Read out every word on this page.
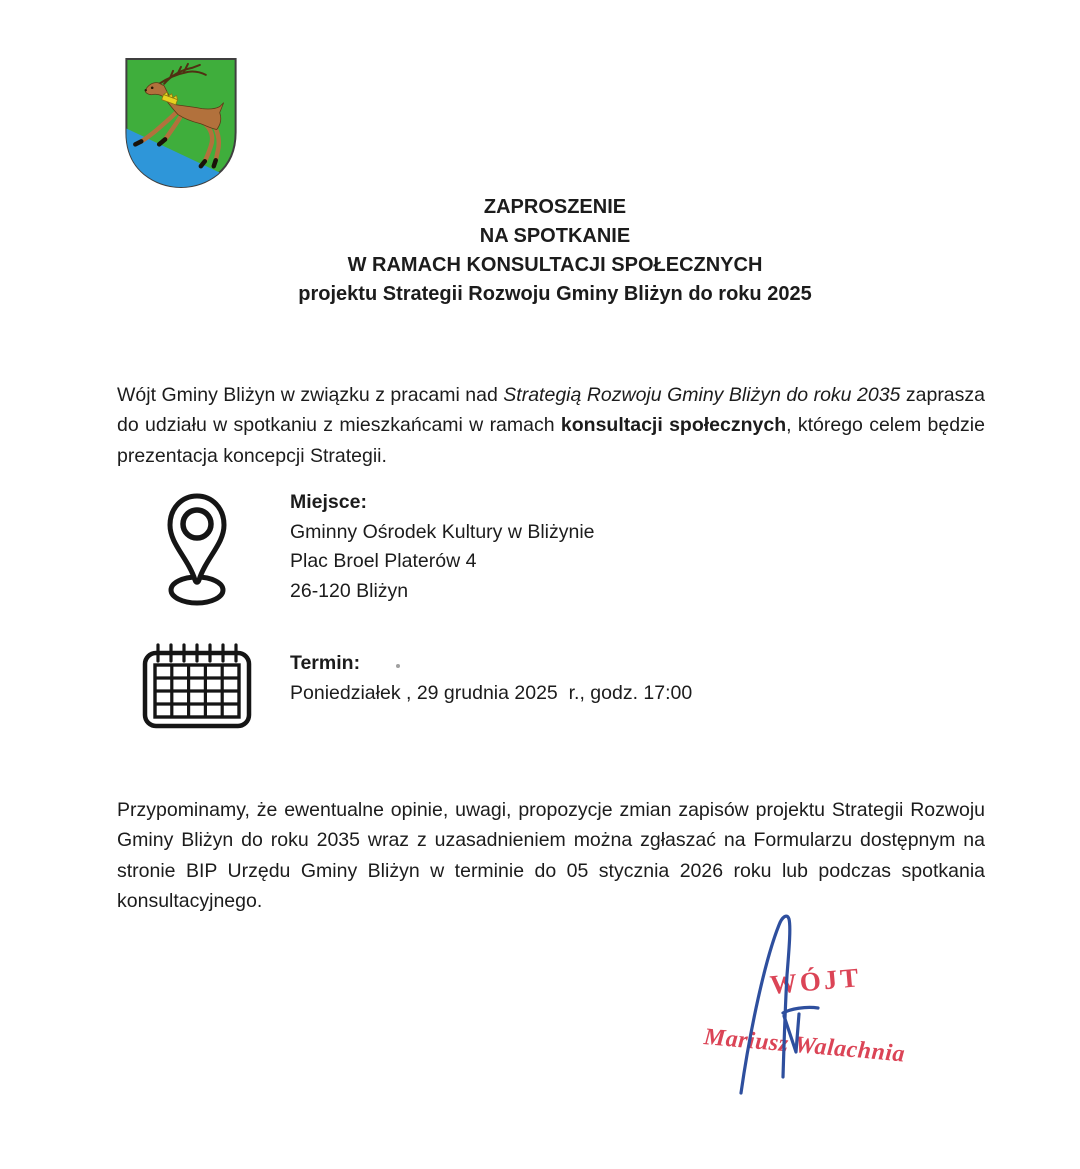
ZAPROSZENIE
NA SPOTKANIE
W RAMACH KONSULTACJI SPOŁECZNYCH
projektu Strategii Rozwoju Gminy Bliżyn do roku 2025

Wójt Gminy Bliżyn w związku z pracami nad Strategią Rozwoju Gminy Bliżyn do roku 2035 zaprasza do udziału w spotkaniu z mieszkańcami w ramach konsultacji społecznych, którego celem będzie prezentacja koncepcji Strategii.

Miejsce:
Gminny Ośrodek Kultury w Bliżynie
Plac Broel Platerów 4
26-120 Bliżyn
Termin:
Poniedziałek , 29 grudnia 2025  r., godz. 17:00

Przypominamy, że ewentualne opinie, uwagi, propozycje zmian zapisów projektu Strategii Rozwoju Gminy Bliżyn do roku 2035 wraz z uzasadnieniem można zgłaszać na Formularzu dostępnym na stronie BIP Urzędu Gminy Bliżyn w terminie do 05 stycznia 2026 roku lub podczas spotkania konsultacyjnego.

WÓJT
Mariusz Walachnia
